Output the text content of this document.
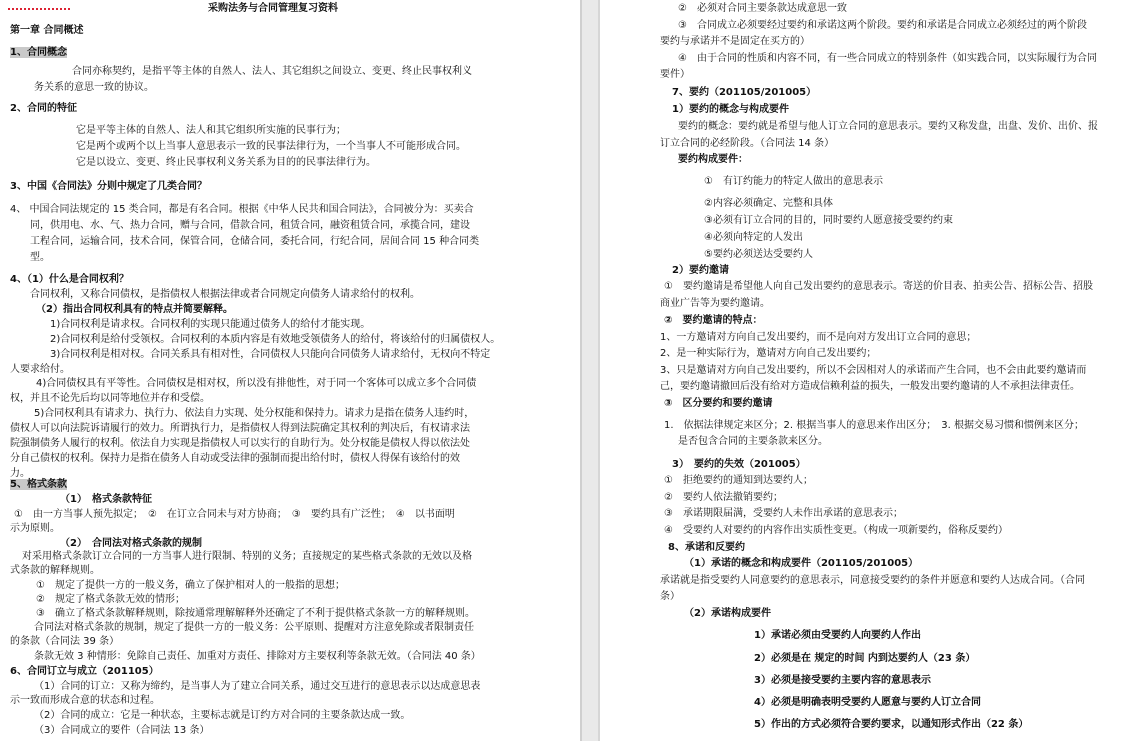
采购法务与合同管理复习资料
第一章 合同概述
1、合同概念
合同亦称契约，是指平等主体的自然人、法人、其它组织之间设立、变更、终止民事权利义
务关系的意思一致的协议。
2、合同的特征
它是平等主体的自然人、法人和其它组织所实施的民事行为；
它是两个或两个以上当事人意思表示一致的民事法律行为，一个当事人不可能形成合同。
它是以设立、变更、终止民事权利义务关系为目的的民事法律行为。
3、中国《合同法》分则中规定了几类合同？
4、 中国合同法规定的 15 类合同，都是有名合同。根据《中华人民共和国合同法》，合同被分为：买卖合
同，供用电、水、气、热力合同，赠与合同，借款合同，租赁合同，融资租赁合同，承揽合同，建设
工程合同，运输合同，技术合同，保管合同，仓储合同，委托合同，行纪合同，居间合同 15 种合同类
型。
4、（1）什么是合同权利？
合同权利，又称合同债权，是指债权人根据法律或者合同规定向债务人请求给付的权利。
（2）指出合同权利具有的特点并简要解释。
1)合同权利是请求权。合同权利的实现只能通过债务人的给付才能实现。
2)合同权利是给付受领权。合同权利的本质内容是有效地受领债务人的给付，将该给付的归属债权人。
3)合同权利是相对权。合同关系具有相对性，合同债权人只能向合同债务人请求给付，无权向不特定
人要求给付。
4)合同债权具有平等性。合同债权是相对权，所以没有排他性，对于同一个客体可以成立多个合同债
权，并且不论先后均以同等地位并存和受偿。
5)合同权利具有请求力、执行力、依法自力实现、处分权能和保持力。请求力是指在债务人违约时，
债权人可以向法院诉请履行的效力。所谓执行力，是指债权人得到法院确定其权利的判决后，有权请求法
院强制债务人履行的权利。依法自力实现是指债权人可以实行的自助行为。处分权能是债权人得以依法处
分自己债权的权利。保持力是指在债务人自动或受法律的强制而提出给付时，债权人得保有该给付的效
力。
5、格式条款
（1）　格式条款特征
①　由一方当事人预先拟定；　②　在订立合同未与对方协商；　③　要约具有广泛性；　④　以书面明
示为原则。
（2）　合同法对格式条款的规制
对采用格式条款订立合同的一方当事人进行限制、特别的义务；直接规定的某些格式条款的无效以及格
式条款的解释规则。
①　规定了提供一方的一般义务，确立了保护相对人的一般指的思想；
②　规定了格式条款无效的情形；
③　确立了格式条款解释规则，除按通常理解解释外还确定了不利于提供格式条款一方的解释规则。
合同法对格式条款的规制，规定了提供一方的一般义务：公平原则、提醒对方注意免除或者限制责任
的条款（合同法 39 条）
条款无效 3 种情形：免除自己责任、加重对方责任、排除对方主要权利等条款无效。（合同法 40 条）
6、合同订立与成立（201105）
（1）合同的订立：又称为缔约，是当事人为了建立合同关系，通过交互进行的意思表示以达成意思表
示一致而形成合意的状态和过程。
（2）合同的成立：它是一种状态，主要标志就是订约方对合同的主要条款达成一致。
（3）合同成立的要件（合同法 13 条）
②　必须对合同主要条款达成意思一致
③　合同成立必须要经过要约和承诺这两个阶段。要约和承诺是合同成立必须经过的两个阶段
要约与承诺并不是固定在买方的）
④　由于合同的性质和内容不同，有一些合同成立的特别条件（如实践合同，以实际履行为合同
要件）
7、要约（201105/201005）
1）要约的概念与构成要件
要约的概念：要约就是希望与他人订立合同的意思表示。要约又称发盘，出盘、发价、出价、报
订立合同的必经阶段。（合同法 14 条）
要约构成要件：
①　有订约能力的特定人做出的意思表示
②内容必须确定、完整和具体
③必须有订立合同的目的，同时要约人愿意接受要约约束
④必须向特定的人发出
⑤要约必须送达受要约人
2）要约邀请
①　要约邀请是希望他人向自己发出要约的意思表示。寄送的价目表、拍卖公告、招标公告、招股
商业广告等为要约邀请。
②　要约邀请的特点：
1、一方邀请对方向自己发出要约，而不是向对方发出订立合同的意思；
2、是一种实际行为，邀请对方向自己发出要约；
3、只是邀请对方向自己发出要约，所以不会因相对人的承诺而产生合同，也不会由此要约邀请而
己，要约邀请撤回后没有给对方造成信赖利益的损失，一般发出要约邀请的人不承担法律责任。
③　区分要约和要约邀请
1.　依据法律规定来区分；2. 根据当事人的意思来作出区分；　3. 根据交易习惯和惯例来区分；
是否包含合同的主要条款来区分。
3）　要约的失效（201005）
①　拒绝要约的通知到达要约人；
②　要约人依法撤销要约；
③　承诺期限届满，受要约人未作出承诺的意思表示；
④　受要约人对要约的内容作出实质性变更。（构成一项新要约，俗称反要约）
8、承诺和反要约
（1）承诺的概念和构成要件（201105/201005）
承诺就是指受要约人同意要约的意思表示，同意接受要约的条件并愿意和要约人达成合同。（合同
条）
（2）承诺构成要件
1）承诺必须由受要约人向要约人作出
2）必须是在 规定的时间 内到达要约人（23 条）
3）必须是接受要约主要内容的意思表示
4）必须是明确表明受要约人愿意与要约人订立合同
5）作出的方式必须符合要约要求，以通知形式作出（22 条）
